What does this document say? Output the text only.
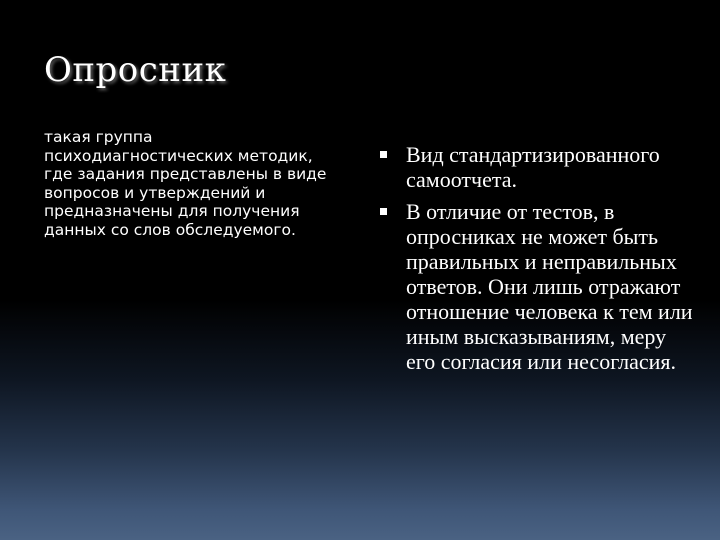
Опросник

такая группа психодиагностических методик, где задания представлены в виде вопросов и утверждений и предназначены для получения данных со слов обследуемого.

Вид стандартизированного самоотчета.
В отличие от тестов, в опросниках не может быть правильных и неправильных ответов. Они лишь отражают отношение человека к тем или иным высказываниям, меру его согласия или несогласия.
